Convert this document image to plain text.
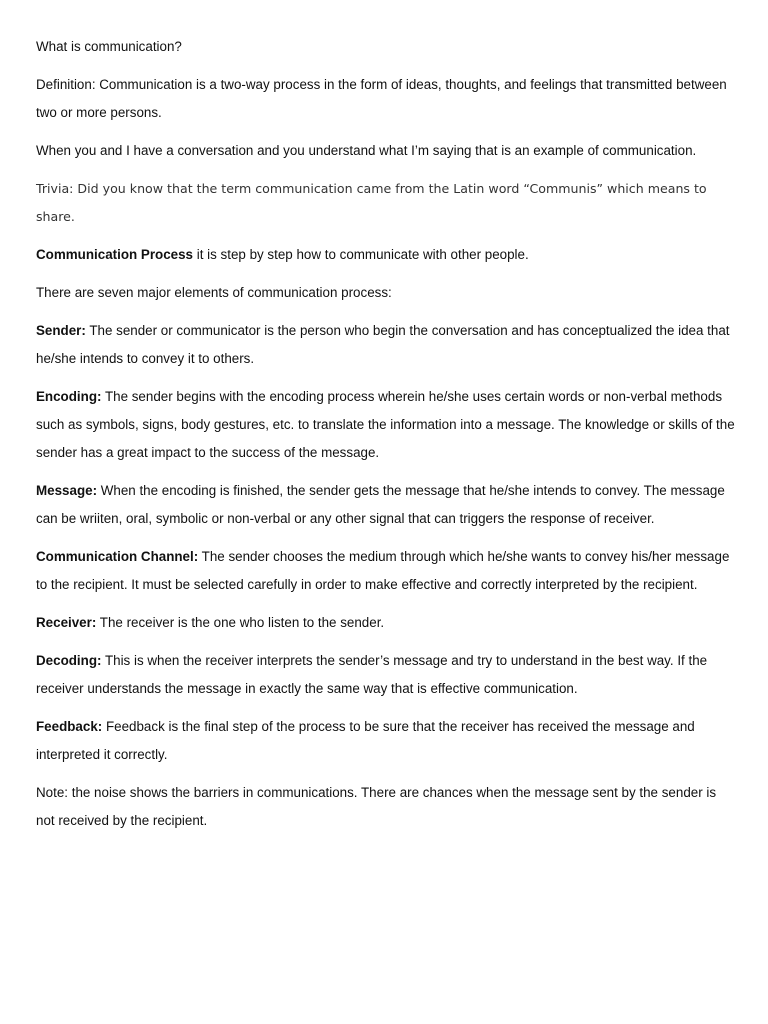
What is communication?

Definition: Communication is a two-way process in the form of ideas, thoughts, and feelings that transmitted between two or more persons.

When you and I have a conversation and you understand what I’m saying that is an example of communication.

Trivia: Did you know that the term communication came from the Latin word “Communis” which means to share.

Communication Process it is step by step how to communicate with other people.

There are seven major elements of communication process:

Sender: The sender or communicator is the person who begin the conversation and has conceptualized the idea that he/she intends to convey it to others.

Encoding: The sender begins with the encoding process wherein he/she uses certain words or non-verbal methods such as symbols, signs, body gestures, etc. to translate the information into a message. The knowledge or skills of the sender has a great impact to the success of the message.

Message: When the encoding is finished, the sender gets the message that he/she intends to convey. The message can be wriiten, oral, symbolic or non-verbal or any other signal that can triggers the response of receiver.

Communication Channel: The sender chooses the medium through which he/she wants to convey his/her message to the recipient. It must be selected carefully in order to make effective and correctly interpreted by the recipient.

Receiver: The receiver is the one who listen to the sender.

Decoding: This is when the receiver interprets the sender’s message and try to understand in the best way. If the receiver understands the message in exactly the same way that is effective communication.

Feedback: Feedback is the final step of the process to be sure that the receiver has received the message and interpreted it correctly.

Note: the noise shows the barriers in communications. There are chances when the message sent by the sender is not received by the recipient.
